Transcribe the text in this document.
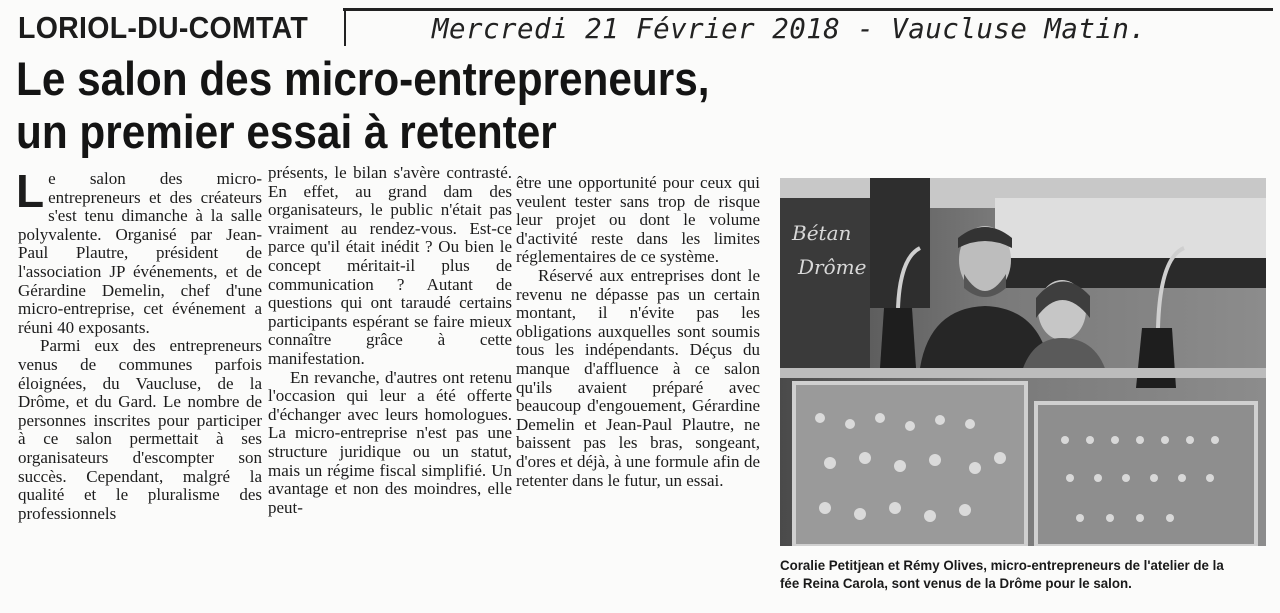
LORIOL-DU-COMTAT	Mercredi 21 Février 2018 - Vaucluse Matin.
Le salon des micro-entrepreneurs,
un premier essai à retenter

Le salon des micro-entrepreneurs et des créateurs s'est tenu dimanche à la salle polyvalente. Organisé par Jean-Paul Plautre, président de l'association JP événements, et de Gérardine Demelin, chef d'une micro-entreprise, cet événement a réuni 40 exposants.

Parmi eux des entrepreneurs venus de communes parfois éloignées, du Vaucluse, de la Drôme, et du Gard. Le nombre de personnes inscrites pour participer à ce salon permettait à ses organisateurs d'escompter son succès. Cependant, malgré la qualité et le pluralisme des professionnels

présents, le bilan s'avère contrasté. En effet, au grand dam des organisateurs, le public n'était pas vraiment au rendez-vous. Est-ce parce qu'il était inédit ? Ou bien le concept méritait-il plus de communication ? Autant de questions qui ont taraudé certains participants espérant se faire mieux connaître grâce à cette manifestation.

En revanche, d'autres ont retenu l'occasion qui leur a été offerte d'échanger avec leurs homologues. La micro-entreprise n'est pas une structure juridique ou un statut, mais un régime fiscal simplifié. Un avantage et non des moindres, elle peut-

être une opportunité pour ceux qui veulent tester sans trop de risque leur projet ou dont le volume d'activité reste dans les limites réglementaires de ce système.

Réservé aux entreprises dont le revenu ne dépasse pas un certain montant, il n'évite pas les obligations auxquelles sont soumis tous les indépendants. Déçus du manque d'affluence à ce salon qu'ils avaient préparé avec beaucoup d'engouement, Gérardine Demelin et Jean-Paul Plautre, ne baissent pas les bras, songeant, d'ores et déjà, à une formule afin de retenter dans le futur, un essai.

Bétan
Drôme
Coralie Petitjean et Rémy Olives, micro-entrepreneurs de l'atelier de la fée Reina Carola, sont venus de la Drôme pour le salon.
